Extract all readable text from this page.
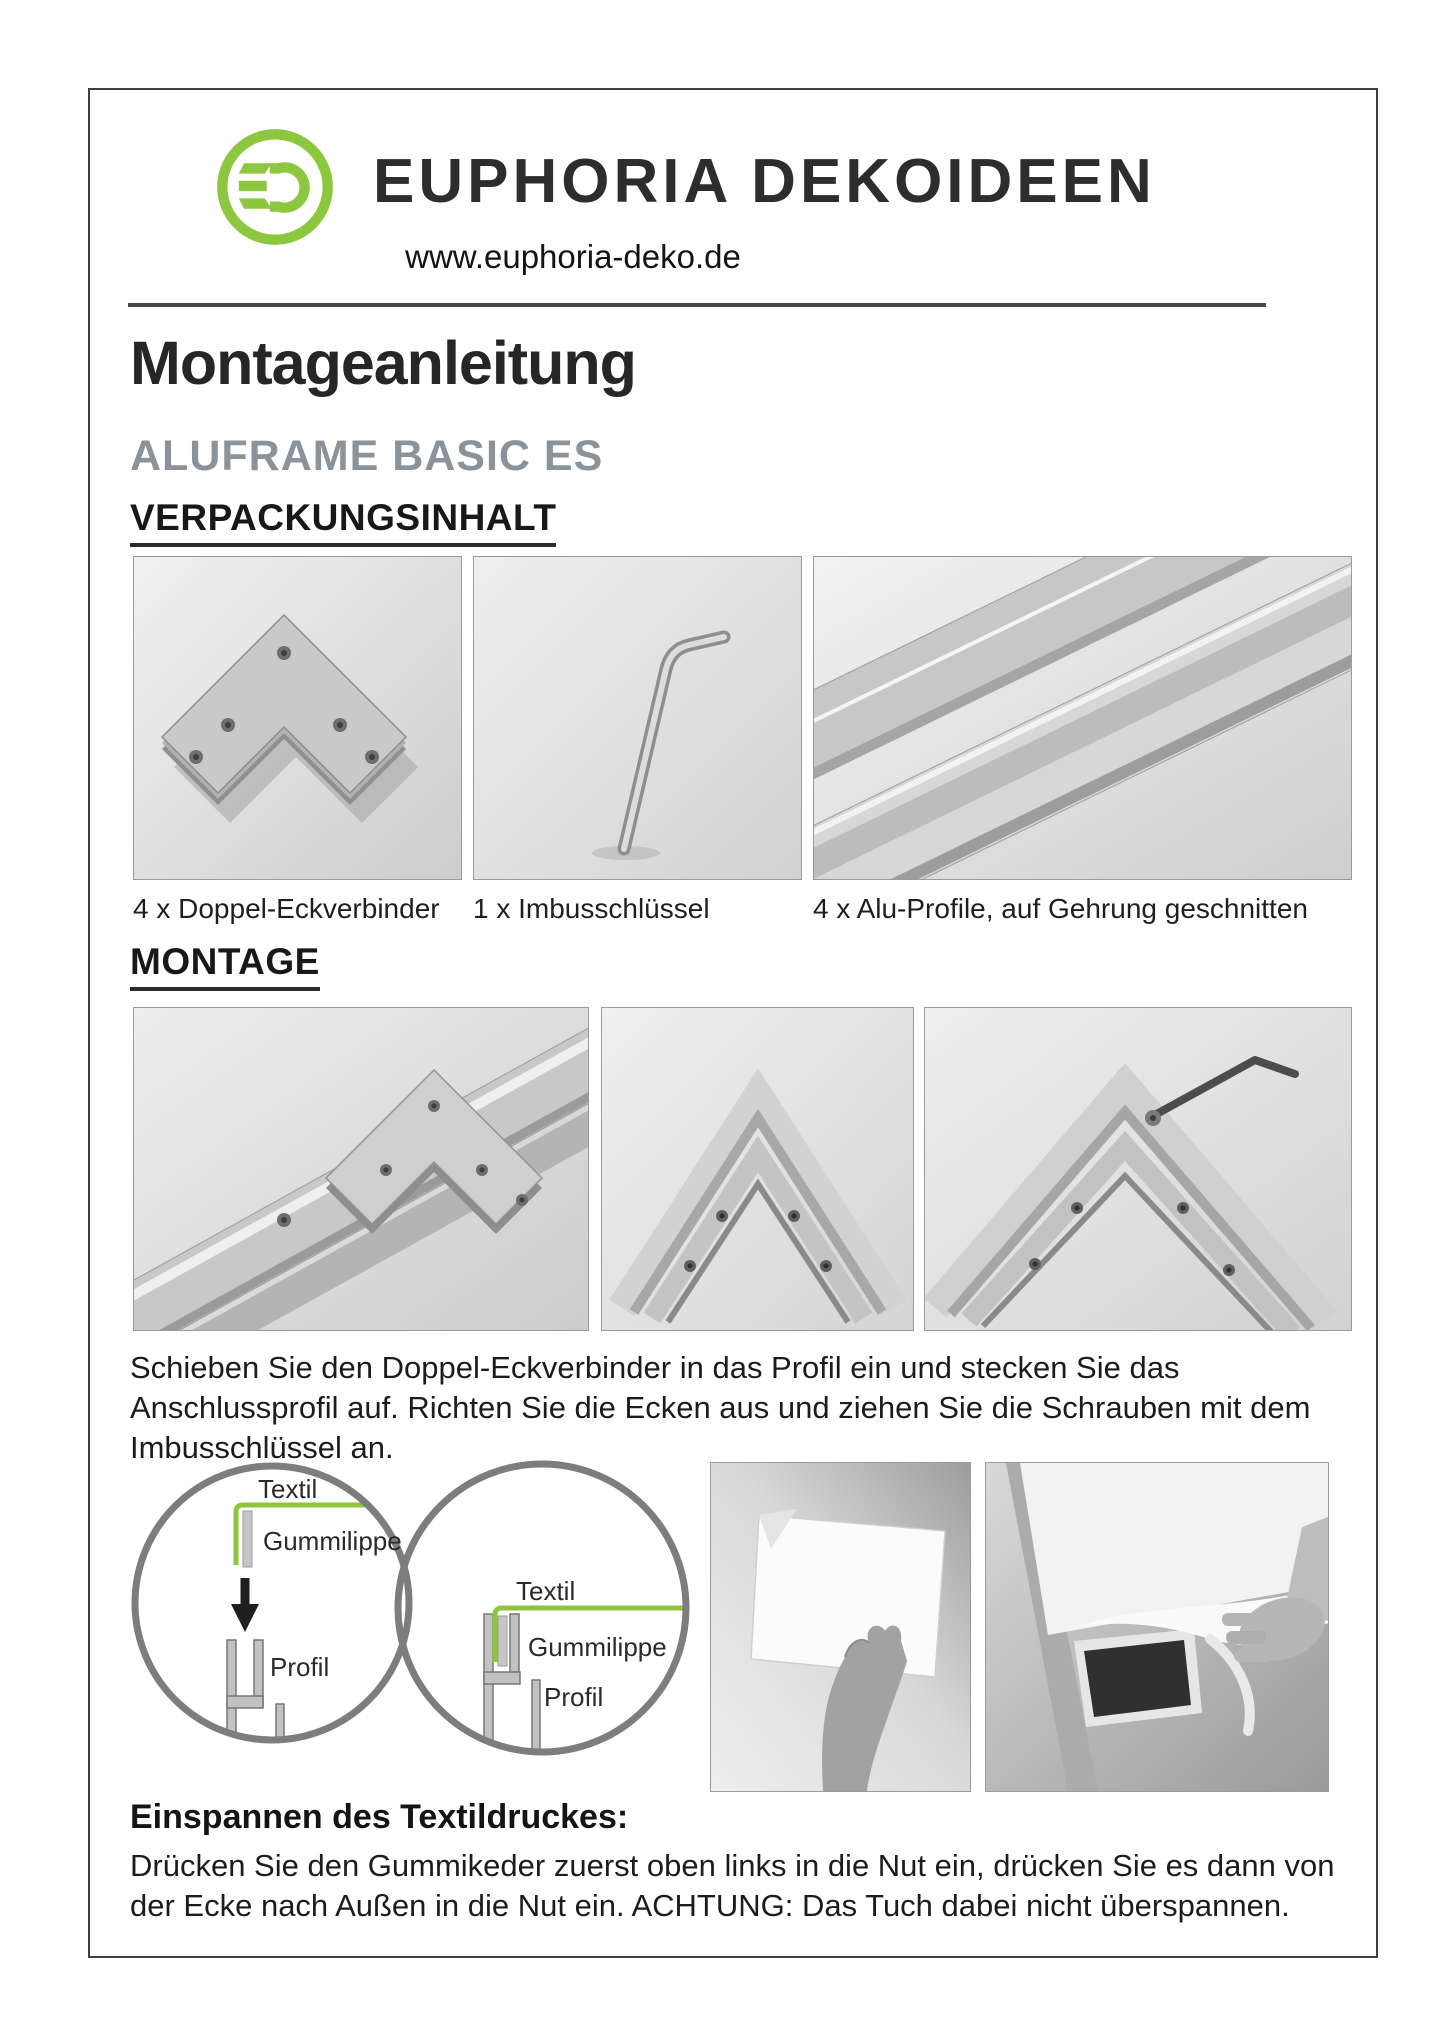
EUPHORIA DEKOIDEEN
www.euphoria-deko.de
Montageanleitung
ALUFRAME BASIC ES
VERPACKUNGSINHALT
4 x Doppel-Eckverbinder 1 x Imbusschlüssel	4 x Alu-Profile, auf Gehrung geschnitten
MONTAGE
Schieben Sie den Doppel-Eckverbinder in das Profil ein und stecken Sie das Anschlussprofil auf. Richten Sie die Ecken aus und ziehen Sie die Schrauben mit dem Imbusschlüssel an.
Textil
Gummilippe
Profil
Textil
Gummilippe
Profil
Einspannen des Textildruckes:
Drücken Sie den Gummikeder zuerst oben links in die Nut ein, drücken Sie es dann von der Ecke nach Außen in die Nut ein. ACHTUNG: Das Tuch dabei nicht überspannen.
